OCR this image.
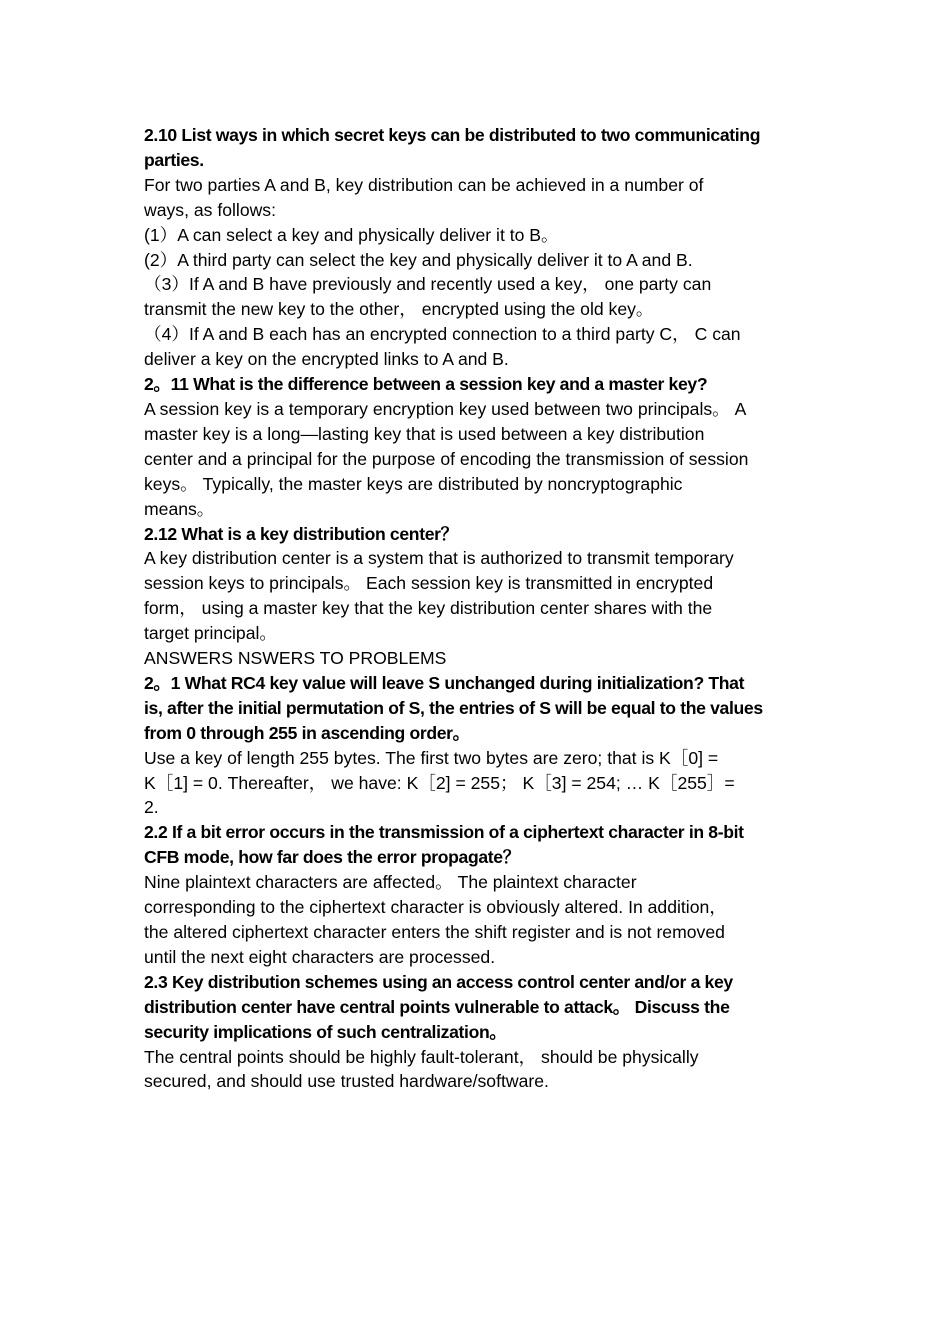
2.10 List ways in which secret keys can be distributed to two communicating
parties.
For two parties A and B, key distribution can be achieved in a number of
ways, as follows:
(1）A can select a key and physically deliver it to B。
(2）A third party can select the key and physically deliver it to A and B.
（3）If A and B have previously and recently used a key， one party can
transmit the new key to the other， encrypted using the old key。
（4）If A and B each has an encrypted connection to a third party C， C can
deliver a key on the encrypted links to A and B.
2。11 What is the difference between a session key and a master key?
A session key is a temporary encryption key used between two principals。 A
master key is a long—lasting key that is used between a key distribution
center and a principal for the purpose of encoding the transmission of session
keys。 Typically, the master keys are distributed by noncryptographic
means。
2.12 What is a key distribution center？
A key distribution center is a system that is authorized to transmit temporary
session keys to principals。 Each session key is transmitted in encrypted
form， using a master key that the key distribution center shares with the
target principal。
ANSWERS NSWERS TO PROBLEMS
2。1 What RC4 key value will leave S unchanged during initialization? That
is, after the initial permutation of S, the entries of S will be equal to the values
from 0 through 255 in ascending order。
Use a key of length 255 bytes. The first two bytes are zero; that is K［0] =
K［1] = 0. Thereafter， we have: K［2] = 255； K［3] = 254; … K［255］=
2.
2.2 If a bit error occurs in the transmission of a ciphertext character in 8-bit
CFB mode, how far does the error propagate？
Nine plaintext characters are affected。 The plaintext character
corresponding to the ciphertext character is obviously altered. In addition，
the altered ciphertext character enters the shift register and is not removed
until the next eight characters are processed.
2.3 Key distribution schemes using an access control center and/or a key
distribution center have central points vulnerable to attack。 Discuss the
security implications of such centralization。
The central points should be highly fault-tolerant， should be physically
secured, and should use trusted hardware/software.
